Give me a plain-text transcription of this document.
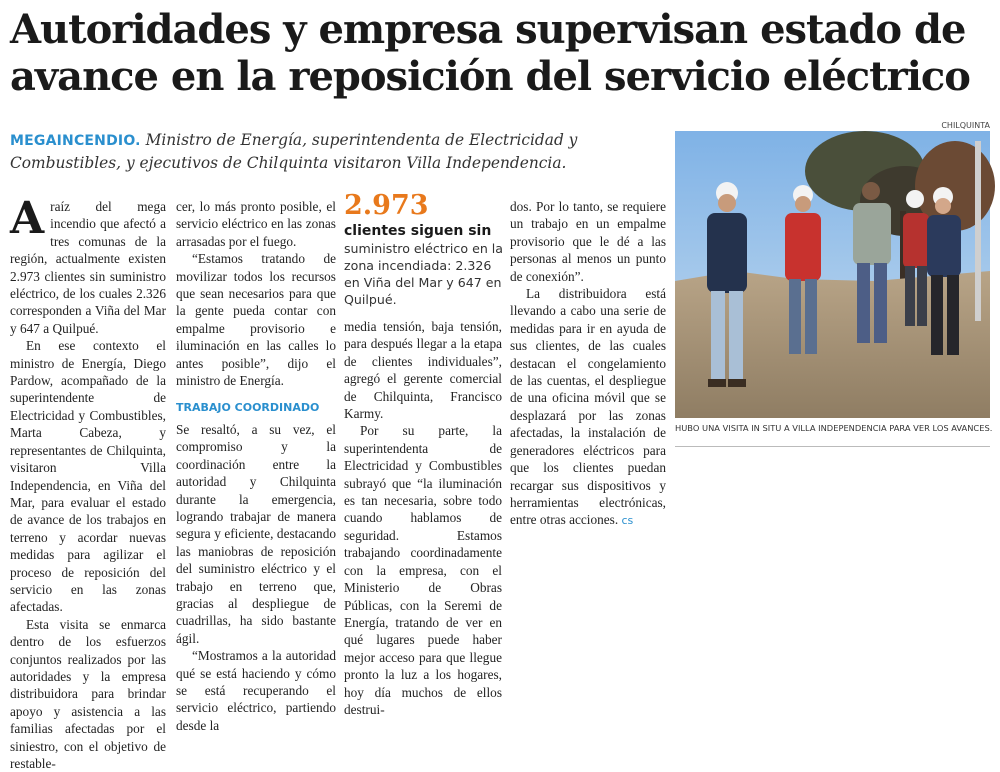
Autoridades y empresa supervisan estado de
avance en la reposición del servicio eléctrico
MEGAINCENDIO. Ministro de Energía, superintendenta de Electricidad y Combustibles, y ejecutivos de Chilquinta visitaron Villa Independencia.

Araíz del mega incendio que afectó a tres comunas de la región, actualmente existen 2.973 clientes sin suministro eléctrico, de los cuales 2.326 corresponden a Viña del Mar y 647 a Quilpué.

En ese contexto el ministro de Energía, Diego Pardow, acompañado de la superintendente de Electricidad y Combustibles, Marta Cabeza, y representantes de Chilquinta, visitaron Villa Independencia, en Viña del Mar, para evaluar el estado de avance de los trabajos en terreno y acordar nuevas medidas para agilizar el proceso de reposición del servicio en las zonas afectadas.

Esta visita se enmarca dentro de los esfuerzos conjuntos realizados por las autoridades y la empresa distribuidora para brindar apoyo y asistencia a las familias afectadas por el siniestro, con el objetivo de restable-

cer, lo más pronto posible, el servicio eléctrico en las zonas arrasadas por el fuego.

“Estamos tratando de movilizar todos los recursos que sean necesarios para que la gente pueda contar con empalme provisorio e iluminación en las calles lo antes posible”, dijo el ministro de Energía.

TRABAJO COORDINADO

Se resaltó, a su vez, el compromiso y la coordinación entre la autoridad y Chilquinta durante la emergencia, logrando trabajar de manera segura y eficiente, destacando las maniobras de reposición del suministro eléctrico y el trabajo en terreno que, gracias al despliegue de cuadrillas, ha sido bastante ágil.

“Mostramos a la autoridad qué se está haciendo y cómo se está recuperando el servicio eléctrico, partiendo desde la

2.973
clientes siguen sin suministro eléctrico en la zona incendiada: 2.326 en Viña del Mar y 647 en Quilpué.

media tensión, baja tensión, para después llegar a la etapa de clientes individuales”, agregó el gerente comercial de Chilquinta, Francisco Karmy.

Por su parte, la superintendenta de Electricidad y Combustibles subrayó que “la iluminación es tan necesaria, sobre todo cuando hablamos de seguridad. Estamos trabajando coordinadamente con la empresa, con el Ministerio de Obras Públicas, con la Seremi de Energía, tratando de ver en qué lugares puede haber mejor acceso para que llegue pronto la luz a los hogares, hoy día muchos de ellos destrui-

dos. Por lo tanto, se requiere un trabajo en un empalme provisorio que le dé a las personas al menos un punto de conexión”.

La distribuidora está llevando a cabo una serie de medidas para ir en ayuda de sus clientes, de las cuales destacan el congelamiento de las cuentas, el despliegue de una oficina móvil que se desplazará por las zonas afectadas, la instalación de generadores eléctricos para que los clientes puedan recargar sus dispositivos y herramientas electrónicas, entre otras acciones. cs

CHILQUINTA
HUBO UNA VISITA IN SITU A VILLA INDEPENDENCIA PARA VER LOS AVANCES.
